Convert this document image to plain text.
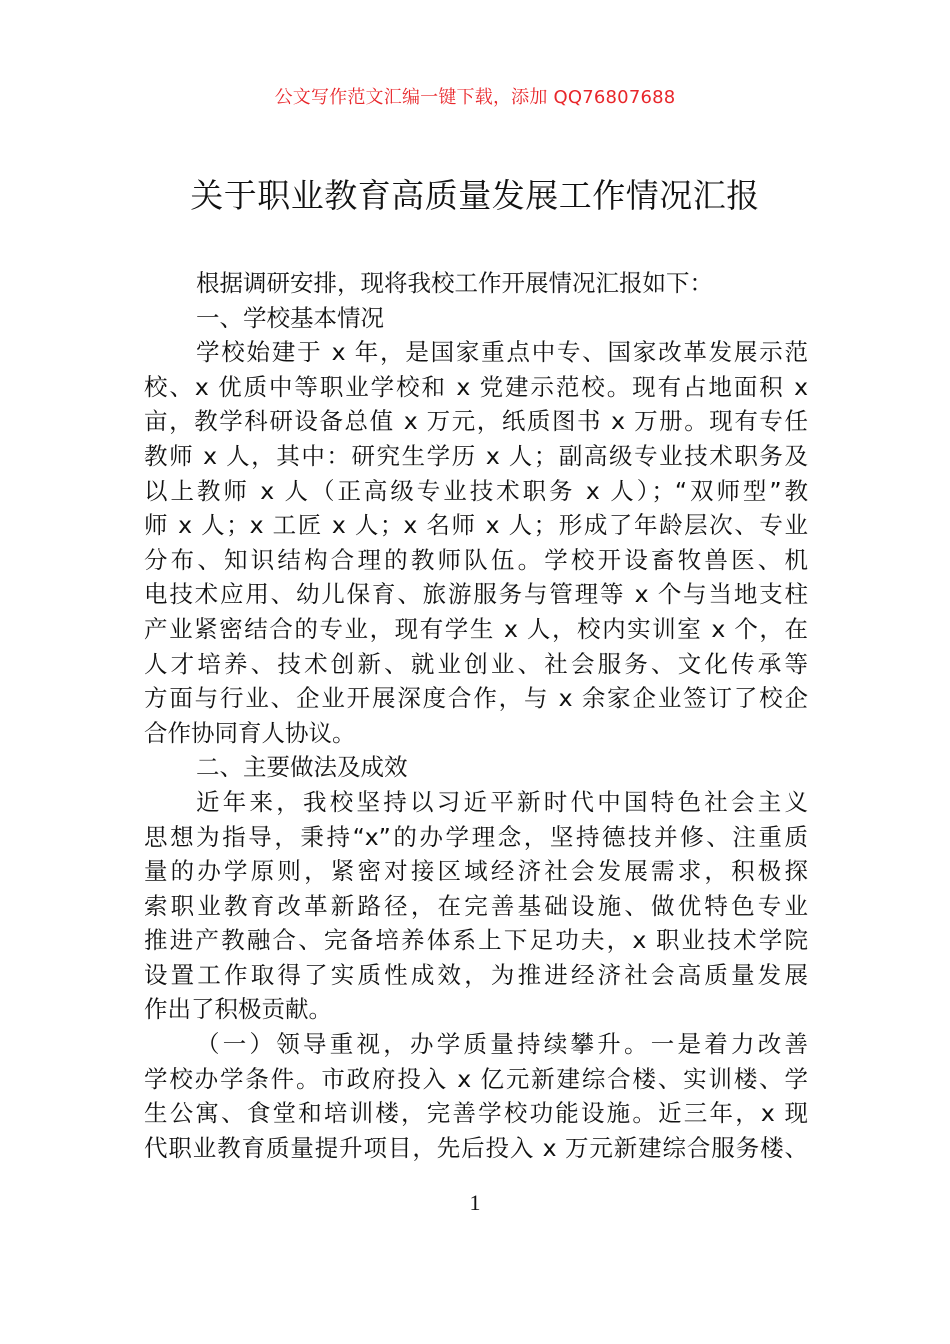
公文写作范文汇编一键下载，添加 QQ76807688
关于职业教育高质量发展工作情况汇报
根据调研安排，现将我校工作开展情况汇报如下：
一、学校基本情况
学校始建于 x 年，是国家重点中专、国家改革发展示范
校、x 优质中等职业学校和 x 党建示范校。现有占地面积 x
亩，教学科研设备总值 x 万元，纸质图书 x 万册。现有专任
教师 x 人，其中：研究生学历 x 人；副高级专业技术职务及
以上教师 x 人（正高级专业技术职务 x 人）；“双师型”教
师 x 人；x 工匠 x 人；x 名师 x 人；形成了年龄层次、专业
分布、知识结构合理的教师队伍。学校开设畜牧兽医、机
电技术应用、幼儿保育、旅游服务与管理等 x 个与当地支柱
产业紧密结合的专业，现有学生 x 人，校内实训室 x 个，在
人才培养、技术创新、就业创业、社会服务、文化传承等
方面与行业、企业开展深度合作，与 x 余家企业签订了校企
合作协同育人协议。
二、主要做法及成效
近年来，我校坚持以习近平新时代中国特色社会主义
思想为指导，秉持“x”的办学理念，坚持德技并修、注重质
量的办学原则，紧密对接区域经济社会发展需求，积极探
索职业教育改革新路径，在完善基础设施、做优特色专业
推进产教融合、完备培养体系上下足功夫，x 职业技术学院
设置工作取得了实质性成效，为推进经济社会高质量发展
作出了积极贡献。
（一）领导重视，办学质量持续攀升。一是着力改善
学校办学条件。市政府投入 x 亿元新建综合楼、实训楼、学
生公寓、食堂和培训楼，完善学校功能设施。近三年，x 现
代职业教育质量提升项目，先后投入 x 万元新建综合服务楼、
1
